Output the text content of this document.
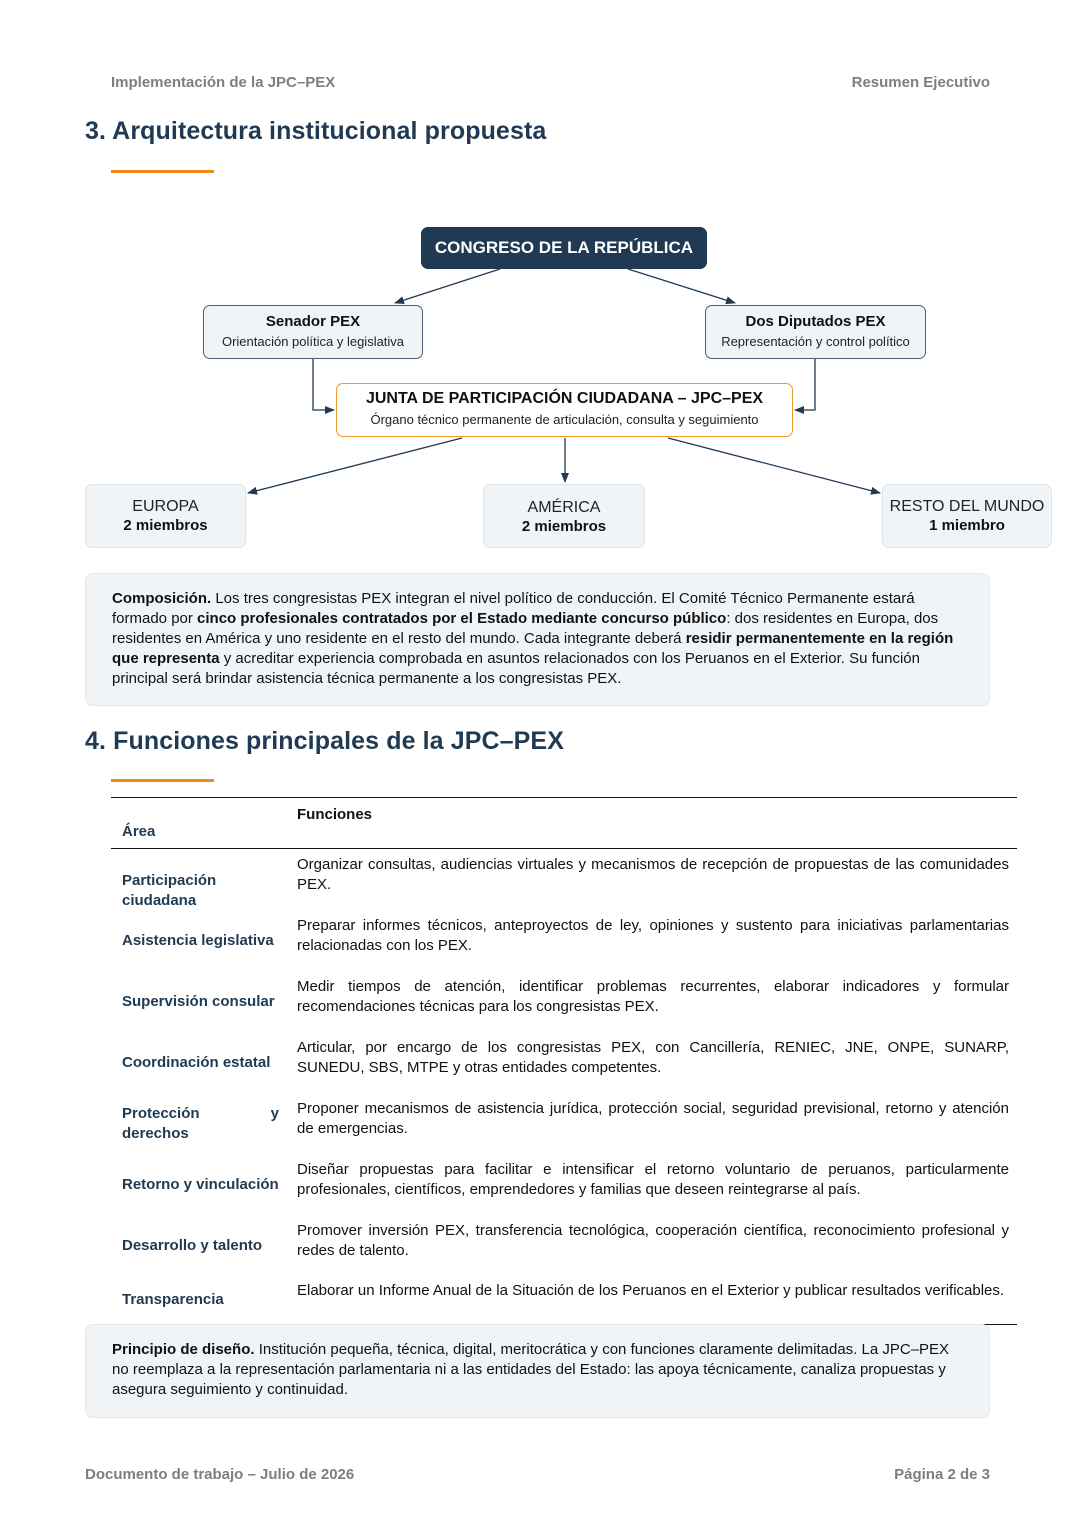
Implementación de la JPC–PEX	Resumen Ejecutivo
3. Arquitectura institucional propuesta
CONGRESO DE LA REPÚBLICA
Senador PEX
Orientación política y legislativa
Dos Diputados PEX
Representación y control político
JUNTA DE PARTICIPACIÓN CIUDADANA – JPC–PEX
Órgano técnico permanente de articulación, consulta y seguimiento
EUROPA
2 miembros
AMÉRICA
2 miembros
RESTO DEL MUNDO
1 miembro
Composición. Los tres congresistas PEX integran el nivel político de conducción. El Comité Técnico Permanente estará formado por cinco profesionales contratados por el Estado mediante concurso público: dos residentes en Europa, dos residentes en América y uno residente en el resto del mundo. Cada integrante deberá residir permanentemente en la región que representa y acreditar experiencia comprobada en asuntos relacionados con los Peruanos en el Exterior. Su función principal será brindar asistencia técnica permanente a los congresistas PEX.
4. Funciones principales de la JPC–PEX
Área
Funciones
Participación ciudadana
Organizar consultas, audiencias virtuales y mecanismos de recepción de propuestas de las comunidades PEX.
Asistencia legislativa
Preparar informes técnicos, anteproyectos de ley, opiniones y sustento para iniciativas parlamentarias relacionadas con los PEX.
Supervisión consular
Medir tiempos de atención, identificar problemas recurrentes, elaborar indicadores y formular recomendaciones técnicas para los congresistas PEX.
Coordinación estatal
Articular, por encargo de los congresistas PEX, con Cancillería, RENIEC, JNE, ONPE, SUNARP, SUNEDU, SBS, MTPE y otras entidades competentes.
Protección y derechos
Proponer mecanismos de asistencia jurídica, protección social, seguridad previsional, retorno y atención de emergencias.
Retorno y vinculación
Diseñar propuestas para facilitar e intensificar el retorno voluntario de peruanos, particularmente profesionales, científicos, emprendedores y familias que deseen reintegrarse al país.
Desarrollo y talento
Promover inversión PEX, transferencia tecnológica, cooperación científica, reconocimiento profesional y redes de talento.
Transparencia
Elaborar un Informe Anual de la Situación de los Peruanos en el Exterior y publicar resultados verificables.
Principio de diseño. Institución pequeña, técnica, digital, meritocrática y con funciones claramente delimitadas. La JPC–PEX no reemplaza a la representación parlamentaria ni a las entidades del Estado: las apoya técnicamente, canaliza propuestas y asegura seguimiento y continuidad.
Documento de trabajo – Julio de 2026	Página 2 de 3
